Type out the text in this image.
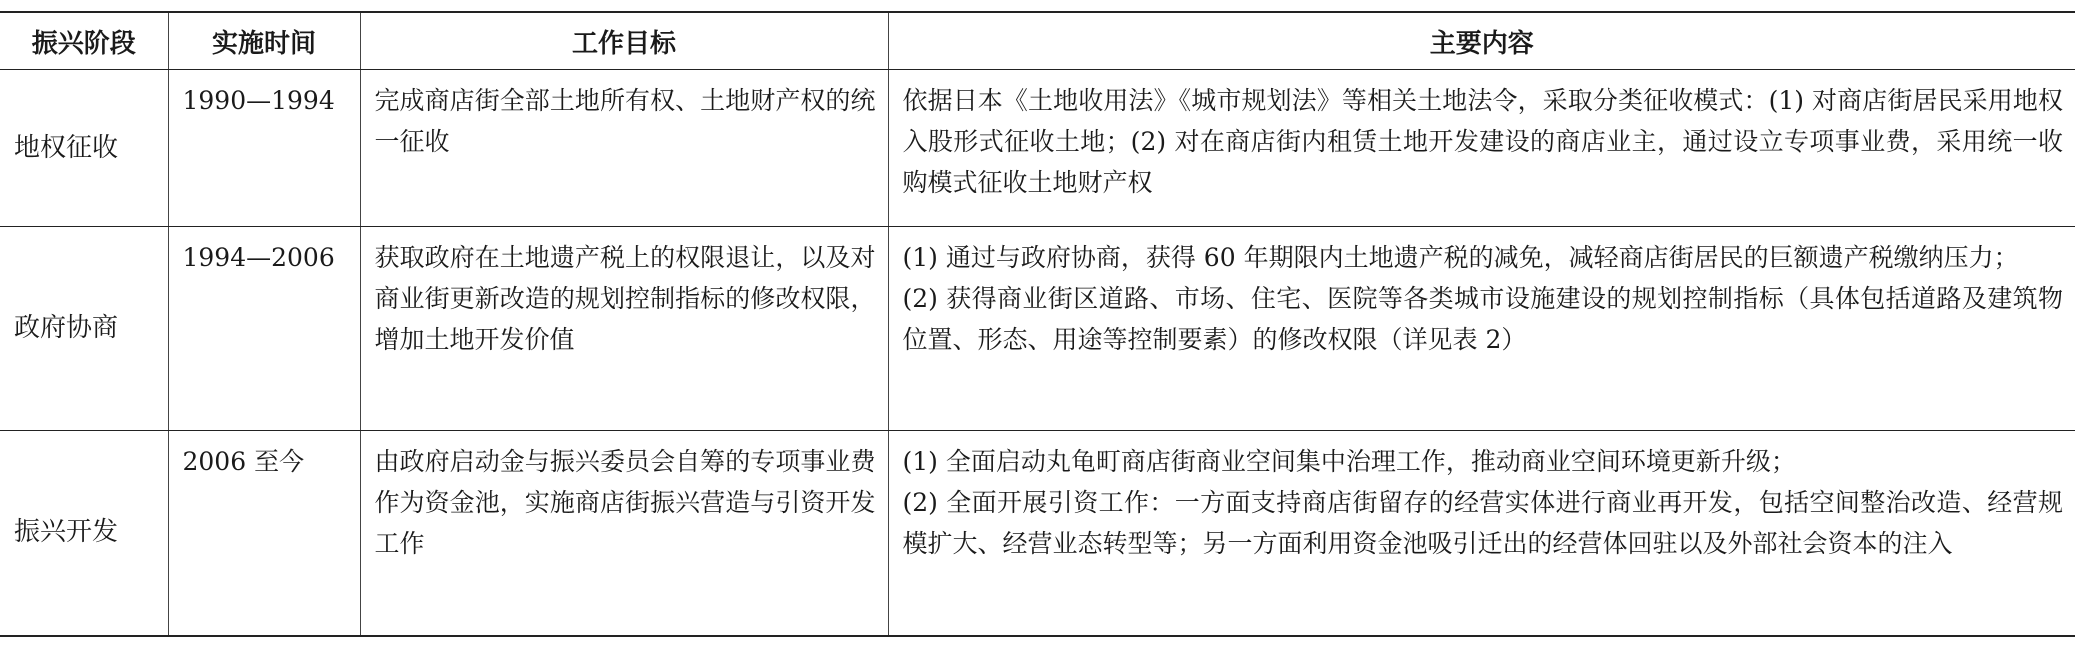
振兴阶段	实施时间	工作目标	主要内容
地权征收	1990—1994	完成商店街全部土地所有权、土地财产权的统一征收	依据日本《土地收用法》《城市规划法》等相关土地法令，采取分类征收模式：(1) 对商店街居民采用地权入股形式征收土地；(2) 对在商店街内租赁土地开发建设的商店业主，通过设立专项事业费，采用统一收购模式征收土地财产权

政府协商	1994—2006	获取政府在土地遗产税上的权限退让，以及对商业街更新改造的规划控制指标的修改权限，增加土地开发价值	(1) 通过与政府协商，获得 60 年期限内土地遗产税的减免，减轻商店街居民的巨额遗产税缴纳压力；
(2) 获得商业街区道路、市场、住宅、医院等各类城市设施建设的规划控制指标（具体包括道路及建筑物位置、形态、用途等控制要素）的修改权限（详见表 2）

振兴开发	2006 至今	由政府启动金与振兴委员会自筹的专项事业费作为资金池，实施商店街振兴营造与引资开发工作	(1) 全面启动丸龟町商店街商业空间集中治理工作，推动商业空间环境更新升级；
(2) 全面开展引资工作：一方面支持商店街留存的经营实体进行商业再开发，包括空间整治改造、经营规模扩大、经营业态转型等；另一方面利用资金池吸引迁出的经营体回驻以及外部社会资本的注入
